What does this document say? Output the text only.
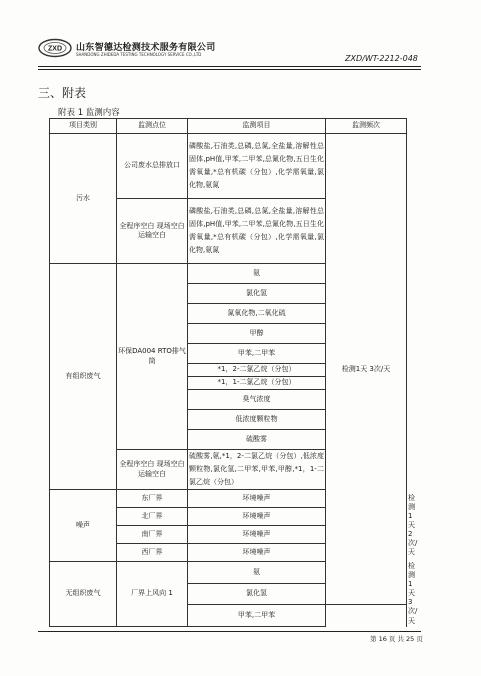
ZXD 山东智德达检测技术服务有限公司
SHANDONG ZHIDEDA TESTING TECHNOLOGY SERVICE CO.,LTD	ZXD/WT-2212-048
三、附表
附表 1 监测内容
项目类别	监测点位	监测项目	监测频次	
污水	公司废水总排放口	磷酸盐,石油类,总磷,总氮,全盐量,溶解性总固体,pH值,甲苯,二甲苯,总氰化物,五日生化需氧量,*总有机碳（分包）,化学需氧量,氯化物,氨氮	检测1天 3次/天	
	全程序空白 现场空白 运输空白	磷酸盐,石油类,总磷,总氮,全盐量,溶解性总固体,pH值,甲苯,二甲苯,总氰化物,五日生化需氧量,*总有机碳（分包）,化学需氧量,氯化物,氨氮		
有组织废气	环保DA004 RTO排气筒	氨		
		氯化氢		
		氮氧化物,二氧化硫		
		甲醇		
		甲苯,二甲苯		
		*1，2-二氯乙烷（分包）		
		*1，1-二氯乙烷（分包）		
		臭气浓度		
		低浓度颗粒物		
		硫酸雾		
	全程序空白 现场空白 运输空白	硫酸雾,氨,*1，2-二氯乙烷（分包）,低浓度颗粒物,氯化氢,二甲苯,甲苯,甲醇,*1，1-二氯乙烷（分包）		
噪声	东厂界	环境噪声		检测1天 2次/天
	北厂界	环境噪声		
	南厂界	环境噪声		
	西厂界	环境噪声		
无组织废气	厂界上风向 1	氨		检测1天 3次/天
		氯化氢		
		甲苯,二甲苯		
第 16 页 共 25 页
